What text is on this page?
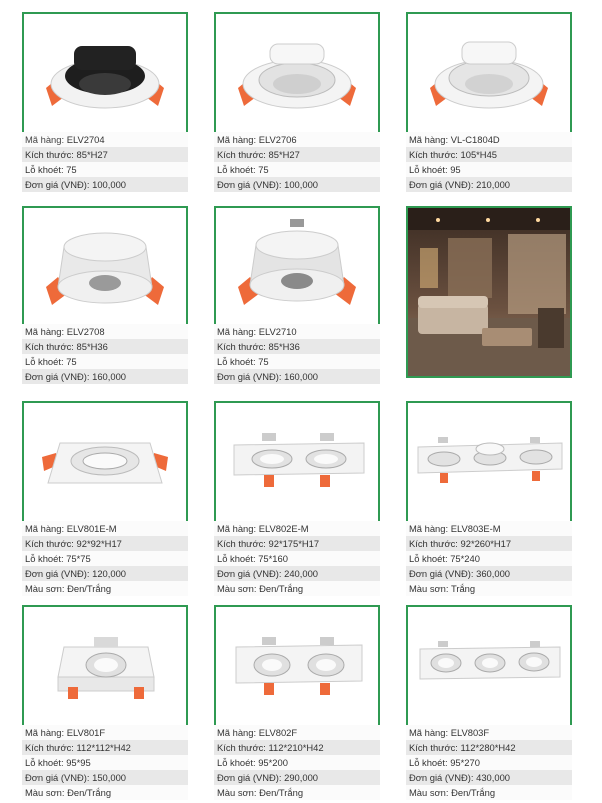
Mã hàng: ELV2704
Kích thước: 85*H27
Lỗ khoét: 75
Đơn giá (VNĐ): 100,000
Mã hàng: ELV2706
Kích thước: 85*H27
Lỗ khoét: 75
Đơn giá (VNĐ): 100,000
Mã hàng: VL-C1804D
Kích thước: 105*H45
Lỗ khoét: 95
Đơn giá (VNĐ): 210,000
Mã hàng: ELV2708
Kích thước: 85*H36
Lỗ khoét: 75
Đơn giá (VNĐ): 160,000
Mã hàng: ELV2710
Kích thước: 85*H36
Lỗ khoét: 75
Đơn giá (VNĐ): 160,000
Mã hàng: ELV801E-M
Kích thước: 92*92*H17
Lỗ khoét: 75*75
Đơn giá (VNĐ): 120,000
Màu sơn: Đen/Trắng
Mã hàng: ELV802E-M
Kích thước: 92*175*H17
Lỗ khoét: 75*160
Đơn giá (VNĐ): 240,000
Màu sơn: Đen/Trắng
Mã hàng: ELV803E-M
Kích thước: 92*260*H17
Lỗ khoét: 75*240
Đơn giá (VNĐ): 360,000
Màu sơn: Trắng
Mã hàng: ELV801F
Kích thước: 112*112*H42
Lỗ khoét: 95*95
Đơn giá (VNĐ): 150,000
Màu sơn: Đen/Trắng
Mã hàng: ELV802F
Kích thước: 112*210*H42
Lỗ khoét: 95*200
Đơn giá (VNĐ): 290,000
Màu sơn: Đen/Trắng
Mã hàng: ELV803F
Kích thước: 112*280*H42
Lỗ khoét: 95*270
Đơn giá (VNĐ): 430,000
Màu sơn: Đen/Trắng
